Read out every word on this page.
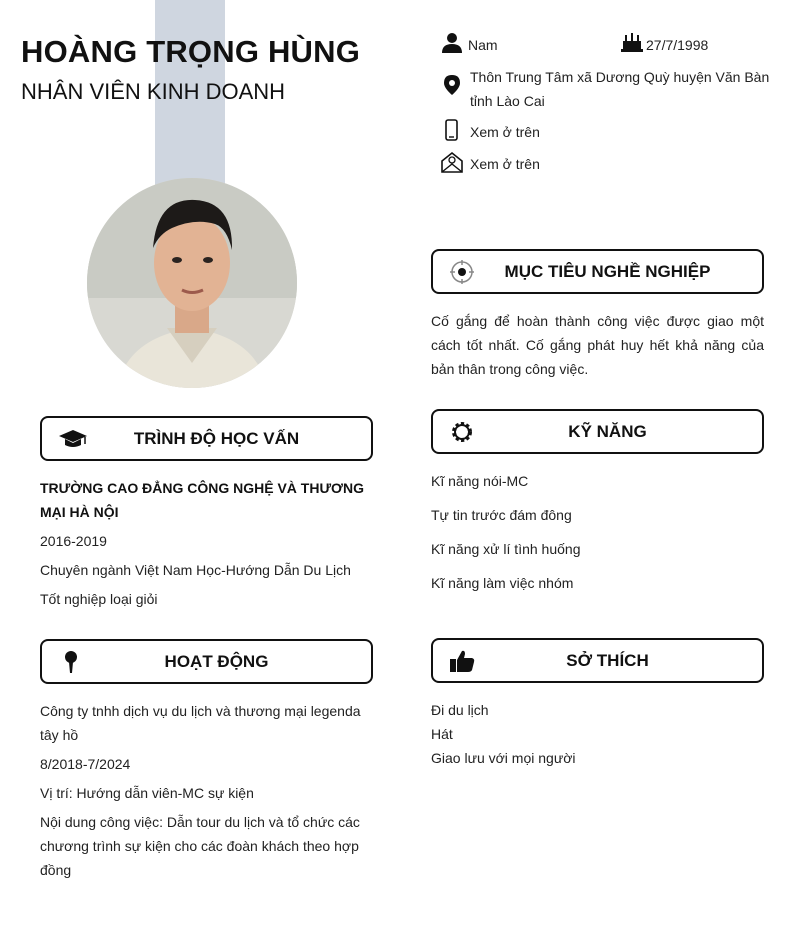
HOÀNG TRỌNG HÙNG
NHÂN VIÊN KINH DOANH
Nam	27/7/1998
Thôn Trung Tâm xã Dương Quỳ huyện Văn Bàn tỉnh Lào Cai
Xem ở trên
Xem ở trên
MỤC TIÊU NGHỀ NGHIỆP
Cố gắng để hoàn thành công việc được giao một cách tốt nhất. Cố gắng phát huy hết khả năng của bản thân trong công việc.
TRÌNH ĐỘ HỌC VẤN
TRƯỜNG CAO ĐẲNG CÔNG NGHỆ VÀ THƯƠNG MẠI HÀ NỘI
2016-2019
Chuyên ngành Việt Nam Học-Hướng Dẫn Du Lịch
Tốt nghiệp loại giỏi
KỸ NĂNG
Kĩ năng nói-MC
Tự tin trước đám đông
Kĩ năng xử lí tình huống
Kĩ năng làm việc nhóm
HOẠT ĐỘNG
Công ty tnhh dịch vụ du lịch và thương mại legenda tây hồ
8/2018-7/2024
Vị trí: Hướng dẫn viên-MC sự kiện
Nội dung công việc: Dẫn tour du lịch và tổ chức các chương trình sự kiện cho các đoàn khách theo hợp đồng
SỞ THÍCH
Đi du lịch
Hát
Giao lưu với mọi người
